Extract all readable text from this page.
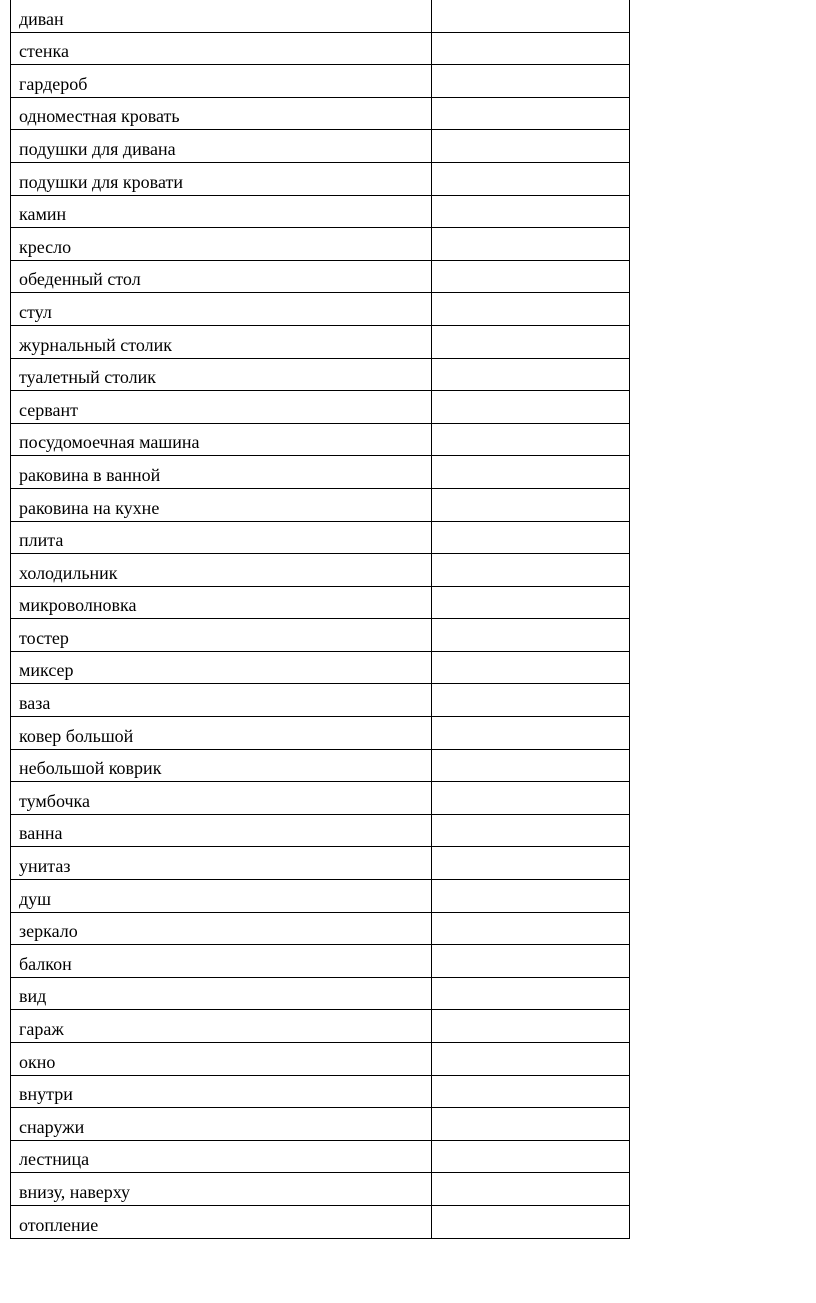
диван	
стенка	
гардероб	
одноместная кровать	
подушки для дивана	
подушки для кровати	
камин	
кресло	
обеденный стол	
стул	
журнальный столик	
туалетный столик	
сервант	
посудомоечная машина	
раковина в ванной	
раковина на кухне	
плита	
холодильник	
микроволновка	
тостер	
миксер	
ваза	
ковер большой	
небольшой коврик	
тумбочка	
ванна	
унитаз	
душ	
зеркало	
балкон	
вид	
гараж	
окно	
внутри	
снаружи	
лестница	
внизу, наверху	
отопление	
